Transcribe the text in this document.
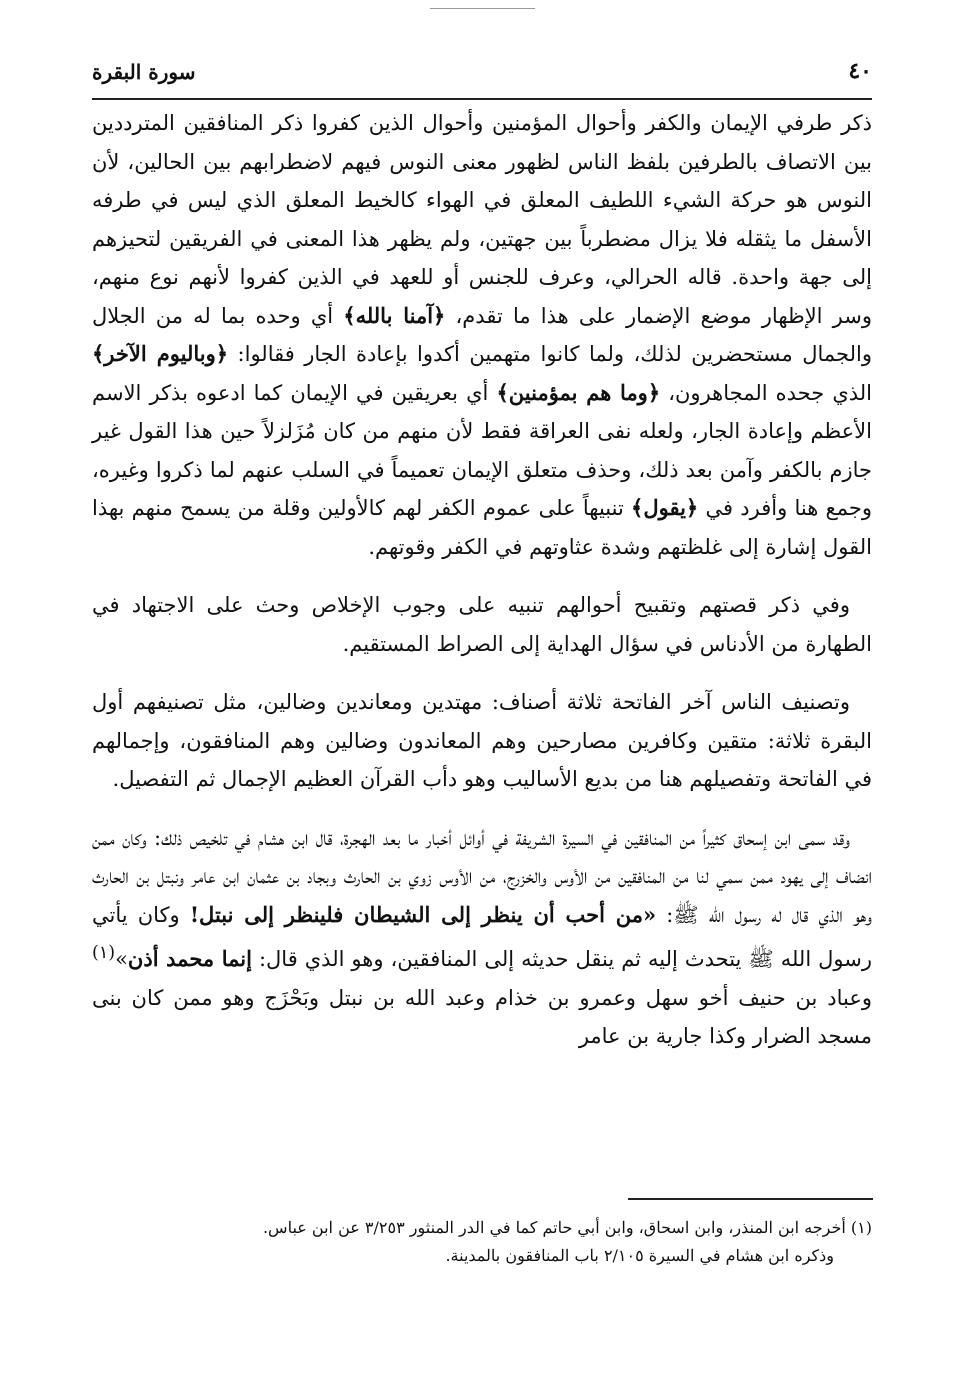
٤٠
سورة البقرة

ذكر طرفي الإيمان والكفر وأحوال المؤمنين وأحوال الذين كفروا ذكر المنافقين المترددين بين الاتصاف بالطرفين بلفظ الناس لظهور معنى النوس فيهم لاضطرابهم بين الحالين، لأن النوس هو حركة الشيء اللطيف المعلق في الهواء كالخيط المعلق الذي ليس في طرفه الأسفل ما يثقله فلا يزال مضطرباً بين جهتين، ولم يظهر هذا المعنى في الفريقين لتحيزهم إلى جهة واحدة. قاله الحرالي، وعرف للجنس أو للعهد في الذين كفروا لأنهم نوع منهم، وسر الإظهار موضع الإضمار على هذا ما تقدم، ﴿آمنا بالله﴾ أي وحده بما له من الجلال والجمال مستحضرين لذلك، ولما كانوا متهمين أكدوا بإعادة الجار فقالوا: ﴿وباليوم الآخر﴾ الذي جحده المجاهرون، ﴿وما هم بمؤمنين﴾ أي بعريقين في الإيمان كما ادعوه بذكر الاسم الأعظم وإعادة الجار، ولعله نفى العراقة فقط لأن منهم من كان مُزَلزلاً حين هذا القول غير جازم بالكفر وآمن بعد ذلك، وحذف متعلق الإيمان تعميماً في السلب عنهم لما ذكروا وغيره، وجمع هنا وأفرد في ﴿يقول﴾ تنبيهاً على عموم الكفر لهم كالأولين وقلة من يسمح منهم بهذا القول إشارة إلى غلظتهم وشدة عثاوتهم في الكفر وقوتهم.

وفي ذكر قصتهم وتقبيح أحوالهم تنبيه على وجوب الإخلاص وحث على الاجتهاد في الطهارة من الأدناس في سؤال الهداية إلى الصراط المستقيم.

وتصنيف الناس آخر الفاتحة ثلاثة أصناف: مهتدين ومعاندين وضالين، مثل تصنيفهم أول البقرة ثلاثة: متقين وكافرين مصارحين وهم المعاندون وضالين وهم المنافقون، وإجمالهم في الفاتحة وتفصيلهم هنا من بديع الأساليب وهو دأب القرآن العظيم الإجمال ثم التفصيل.

وقد سمى ابن إسحاق كثيراً من المنافقين في السيرة الشريفة في أوائل أخبار ما بعد الهجرة، قال ابن هشام في تلخيص ذلك: وكان ممن انضاف إلى يهود ممن سمي لنا من المنافقين من الأوس والخزرج، من الأوس زوي بن الحارث وبجاد بن عثمان ابن عامر ونبتل بن الحارث وهو الذي قال له رسول الله ﷺ: «من أحب أن ينظر إلى الشيطان فلينظر إلى نبتل! وكان يأتي رسول الله ﷺ يتحدث إليه ثم ينقل حديثه إلى المنافقين، وهو الذي قال: إنما محمد أذن»$^{(١)}$ وعباد بن حنيف أخو سهل وعمرو بن خذام وعبد الله بن نبتل وبَحْزَج وهو ممن كان بنى مسجد الضرار وكذا جارية بن عامر

(١) أخرجه ابن المنذر، وابن اسحاق، وابن أبي حاتم كما في الدر المنثور ٣/٢٥٣ عن ابن عباس.

وذكره ابن هشام في السيرة ٢/١٠٥ باب المنافقون بالمدينة.
